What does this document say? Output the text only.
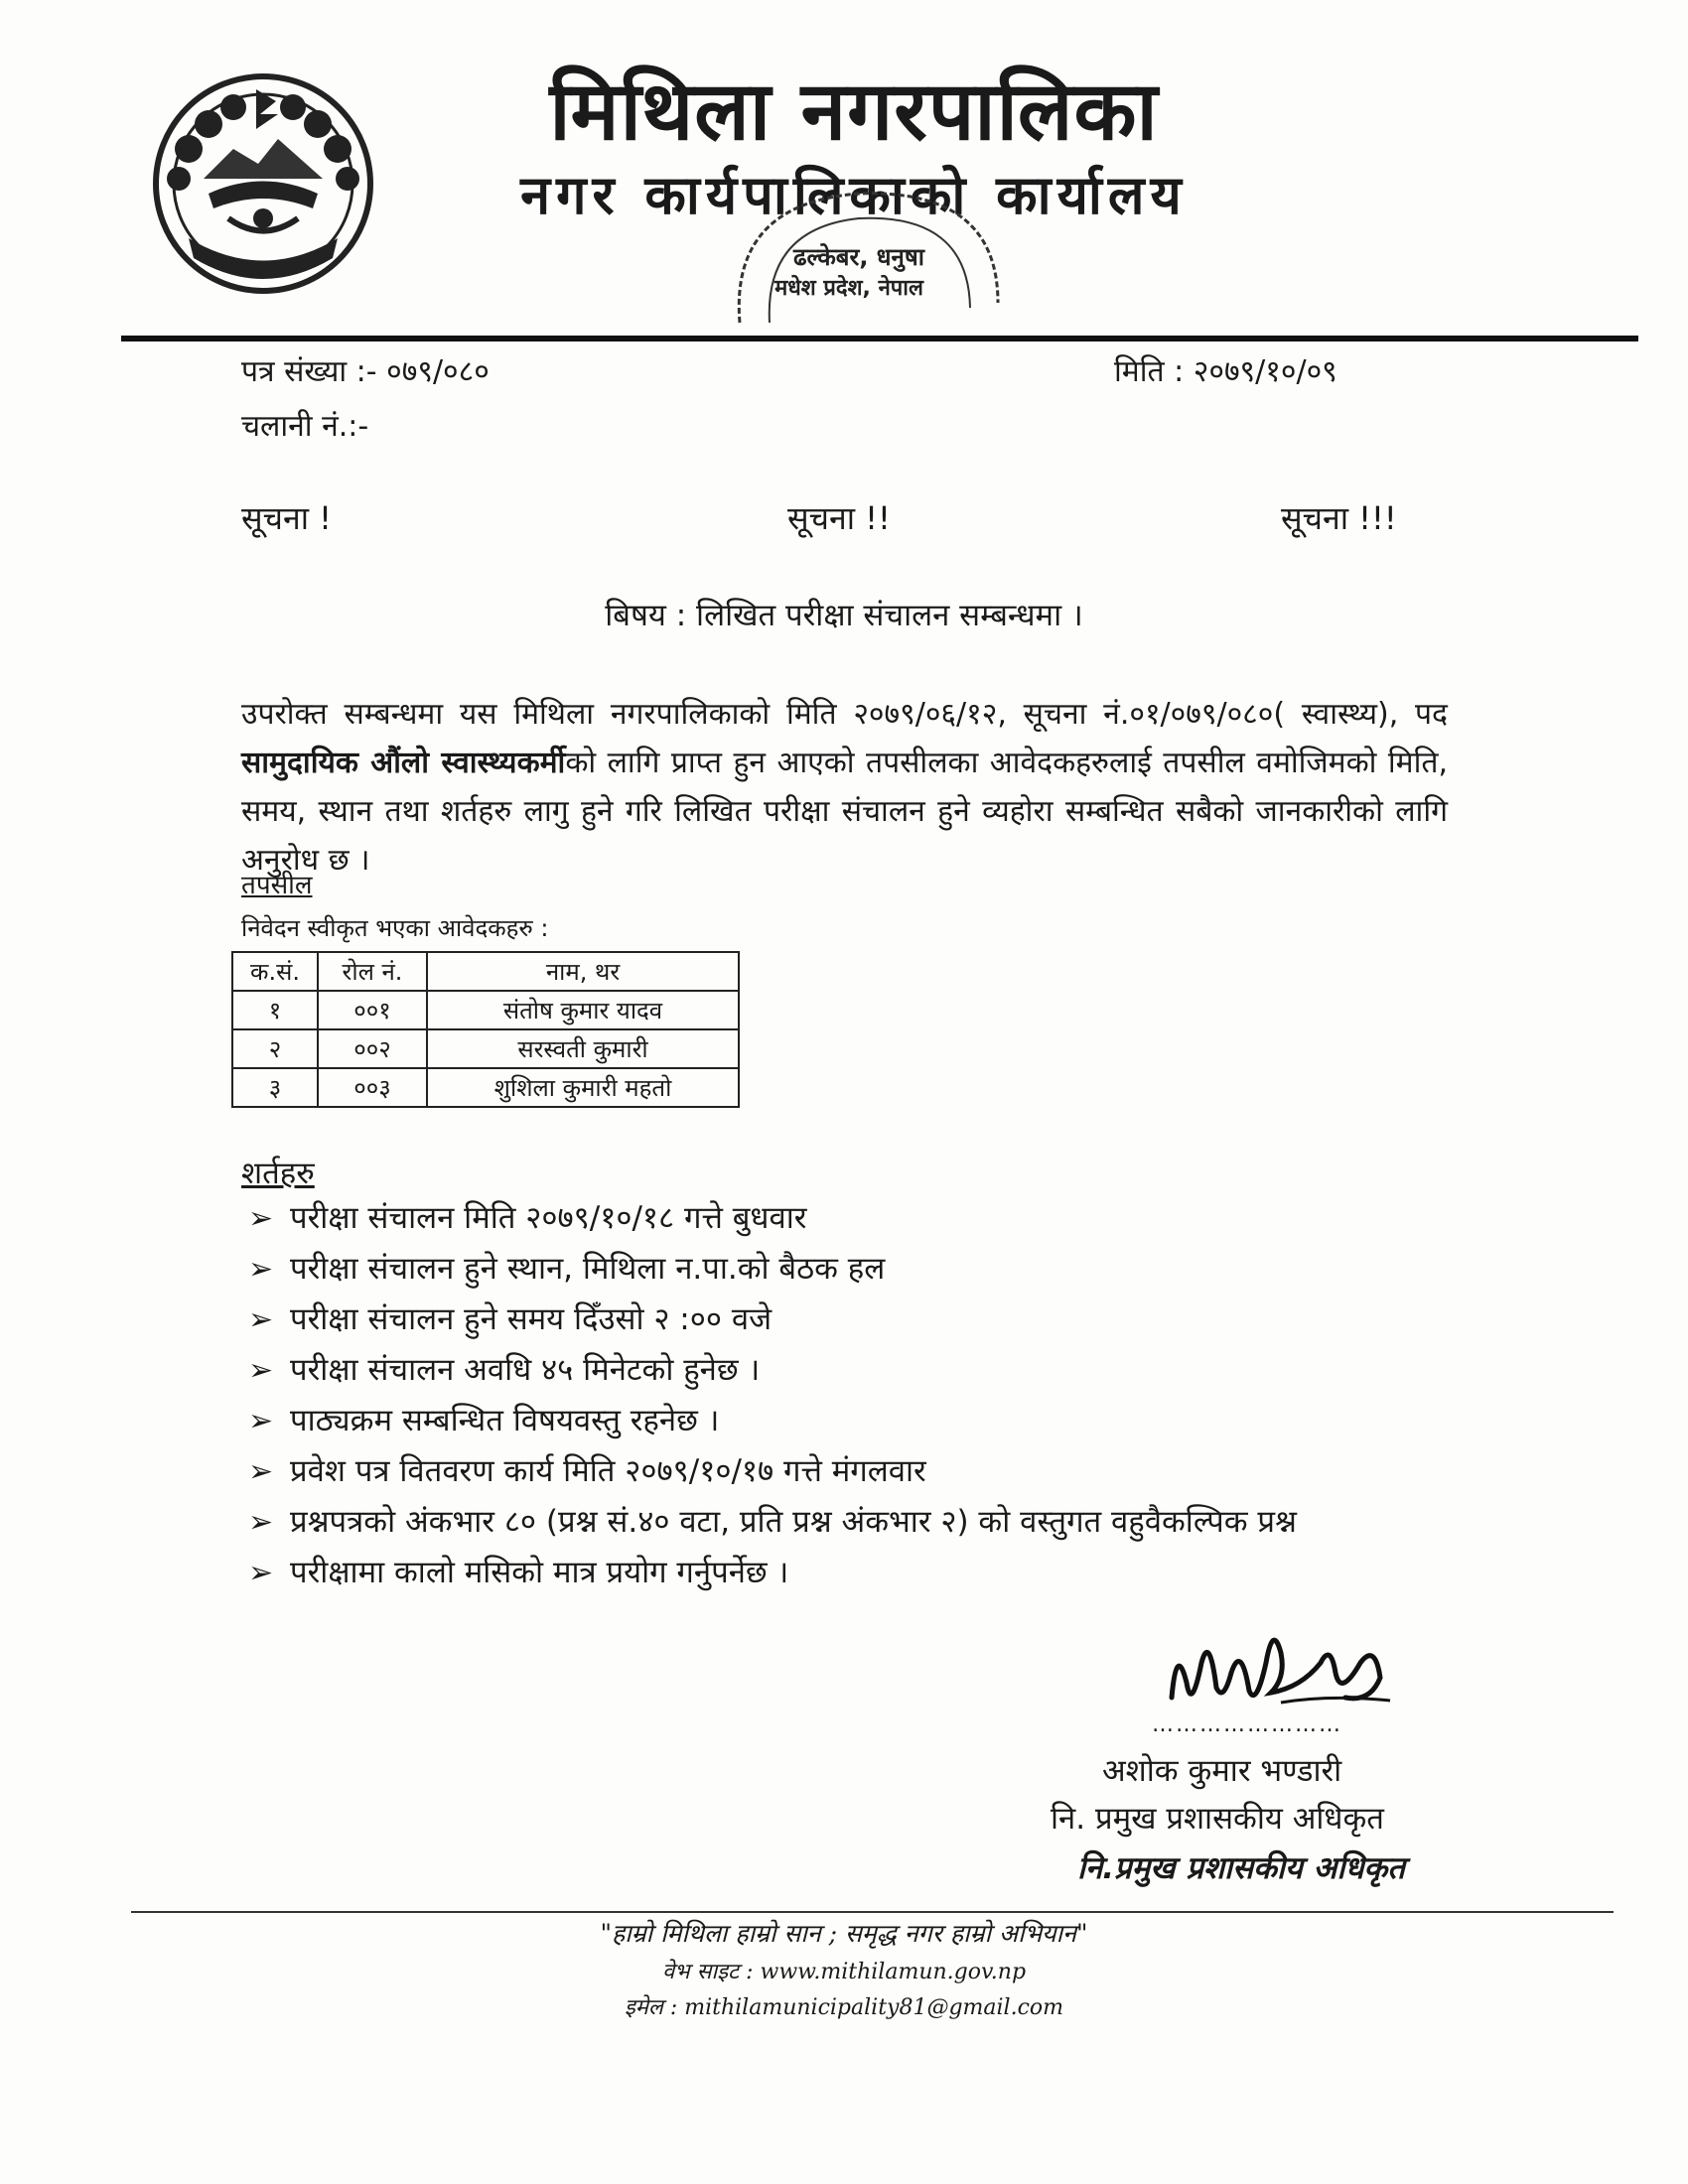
मिथिला नगरपालिका
नगर कार्यपालिकाको कार्यालय
ढल्केबर, धनुषा
मधेश प्रदेश, नेपाल
पत्र संख्या :- ०७९/०८०	मिति : २०७९/१०/०९
चलानी नं.:-
सूचना !	सूचना !!	सूचना !!!
बिषय : लिखित परीक्षा संचालन सम्बन्धमा ।
उपरोक्त सम्बन्धमा यस मिथिला नगरपालिकाको मिति २०७९/०६/१२, सूचना नं.०१/०७९/०८०( स्वास्थ्य), पद सामुदायिक औंलो स्वास्थ्यकर्मीको लागि प्राप्त हुन आएको तपसीलका आवेदकहरुलाई तपसील वमोजिमको मिति, समय, स्थान तथा शर्तहरु लागु हुने गरि लिखित परीक्षा संचालन हुने व्यहोरा सम्बन्धित सबैको जानकारीको लागि अनुरोध छ ।
तपसील
निवेदन स्वीकृत भएका आवेदकहरु :
क.सं.	रोल नं.	नाम, थर
१	००१	संतोष कुमार यादव
२	००२	सरस्वती कुमारी
३	००३	शुशिला कुमारी महतो
शर्तहरु
➢ परीक्षा संचालन मिति २०७९/१०/१८ गत्ते बुधवार
➢ परीक्षा संचालन हुने स्थान, मिथिला न.पा.को बैठक हल
➢ परीक्षा संचालन हुने समय दिँउसो २ :०० वजे
➢ परीक्षा संचालन अवधि ४५ मिनेटको हुनेछ ।
➢ पाठ्यक्रम सम्बन्धित विषयवस्तु रहनेछ ।
➢ प्रवेश पत्र वितवरण कार्य मिति २०७९/१०/१७ गत्ते मंगलवार
➢ प्रश्नपत्रको अंकभार ८० (प्रश्न सं.४० वटा, प्रति प्रश्न अंकभार २) को वस्तुगत वहुवैकल्पिक प्रश्न
➢ परीक्षामा कालो मसिको मात्र प्रयोग गर्नुपर्नेछ ।
……………………
अशोक कुमार भण्डारी
नि. प्रमुख प्रशासकीय अधिकृत
नि.प्रमुख प्रशासकीय अधिकृत
"हाम्रो मिथिला हाम्रो सान ; समृद्ध नगर हाम्रो अभियान"
वेभ साइट : www.mithilamun.gov.np
इमेल : mithilamunicipality81@gmail.com
